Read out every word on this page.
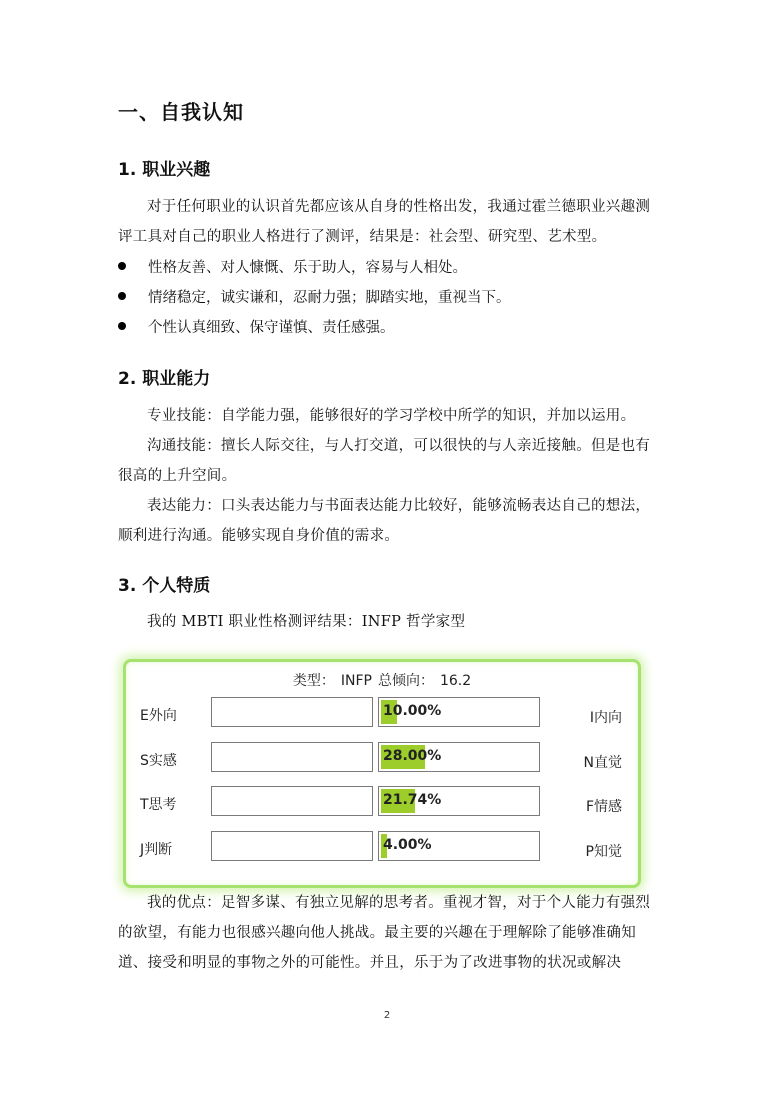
一、自我认知
1. 职业兴趣

对于任何职业的认识首先都应该从自身的性格出发，我通过霍兰德职业兴趣测评工具对自己的职业人格进行了测评，结果是：社会型、研究型、艺术型。

性格友善、对人慷慨、乐于助人，容易与人相处。

情绪稳定，诚实谦和，忍耐力强；脚踏实地，重视当下。

个性认真细致、保守谨慎、责任感强。

2. 职业能力

专业技能：自学能力强，能够很好的学习学校中所学的知识，并加以运用。

沟通技能：擅长人际交往，与人打交道，可以很快的与人亲近接触。但是也有很高的上升空间。

表达能力：口头表达能力与书面表达能力比较好，能够流畅表达自己的想法，顺利进行沟通。能够实现自身价值的需求。

3. 个人特质

我的 MBTI 职业性格测评结果：INFP 哲学家型

类型： INFP 总倾向： 16.2
E外向	10.00%	I内向
S实感	28.00%	N直觉
T思考	21.74%	F情感
J判断	4.00%	P知觉

我的优点：足智多谋、有独立见解的思考者。重视才智，对于个人能力有强烈的欲望，有能力也很感兴趣向他人挑战。最主要的兴趣在于理解除了能够准确知道、接受和明显的事物之外的可能性。并且，乐于为了改进事物的状况或解决

2
